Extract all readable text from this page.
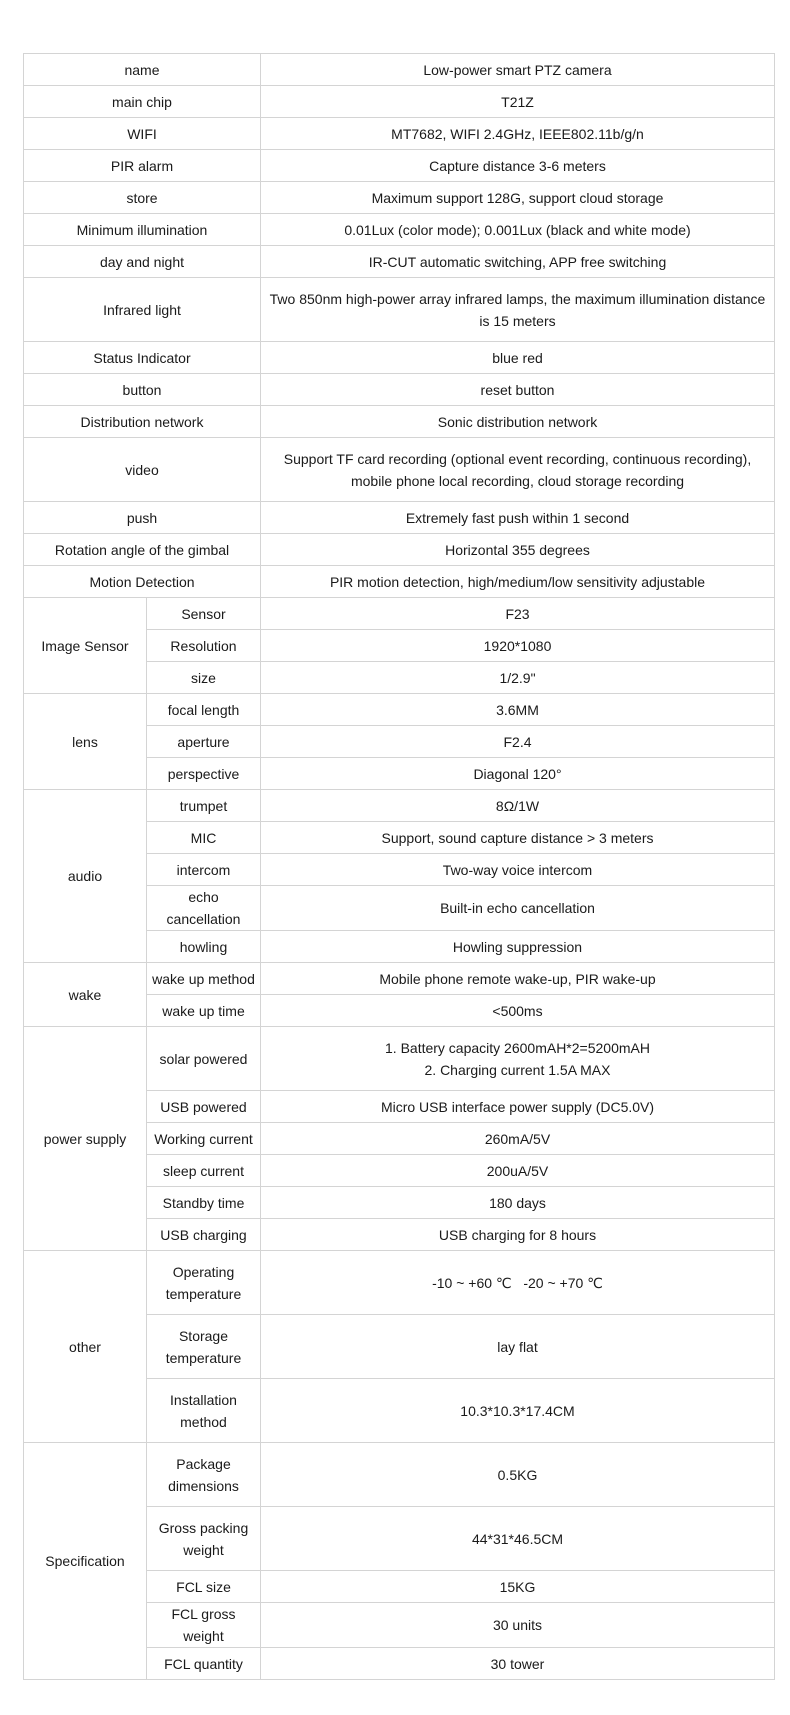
name		Low-power smart PTZ camera
main chip		T21Z
WIFI		MT7682, WIFI 2.4GHz, IEEE802.11b/g/n
PIR alarm		Capture distance 3-6 meters
store		Maximum support 128G, support cloud storage
Minimum illumination		0.01Lux (color mode); 0.001Lux (black and white mode)
day and night		IR-CUT automatic switching, APP free switching
Infrared light		Two 850nm high-power array infrared lamps, the maximum illumination distance is 15 meters
Status Indicator		blue red
button		reset button
Distribution network		Sonic distribution network
video		Support TF card recording (optional event recording, continuous recording), mobile phone local recording, cloud storage recording
push		Extremely fast push within 1 second
Rotation angle of the gimbal		Horizontal 355 degrees
Motion Detection		PIR motion detection, high/medium/low sensitivity adjustable
Image Sensor	Sensor	F23
	Resolution	1920*1080
	size	1/2.9"
lens	focal length	3.6MM
	aperture	F2.4
	perspective	Diagonal 120°
audio	trumpet	8Ω/1W
	MIC	Support, sound capture distance > 3 meters
	intercom	Two-way voice intercom
	echo cancellation	Built-in echo cancellation
	howling	Howling suppression
wake	wake up method	Mobile phone remote wake-up, PIR wake-up
	wake up time	<500ms
power supply	solar powered	1. Battery capacity 2600mAH*2=5200mAH
2. Charging current 1.5A MAX

	USB powered	Micro USB interface power supply (DC5.0V)
	Working current	260mA/5V
	sleep current	200uA/5V
	Standby time	180 days
	USB charging	USB charging for 8 hours
other	Operating temperature	-10 ~ +60 ℃   -20 ~ +70 ℃
	Storage temperature	lay flat
	Installation method	10.3*10.3*17.4CM
Specification	Package dimensions	0.5KG
	Gross packing weight	44*31*46.5CM
	FCL size	15KG
	FCL gross weight	30 units
	FCL quantity	30 tower
